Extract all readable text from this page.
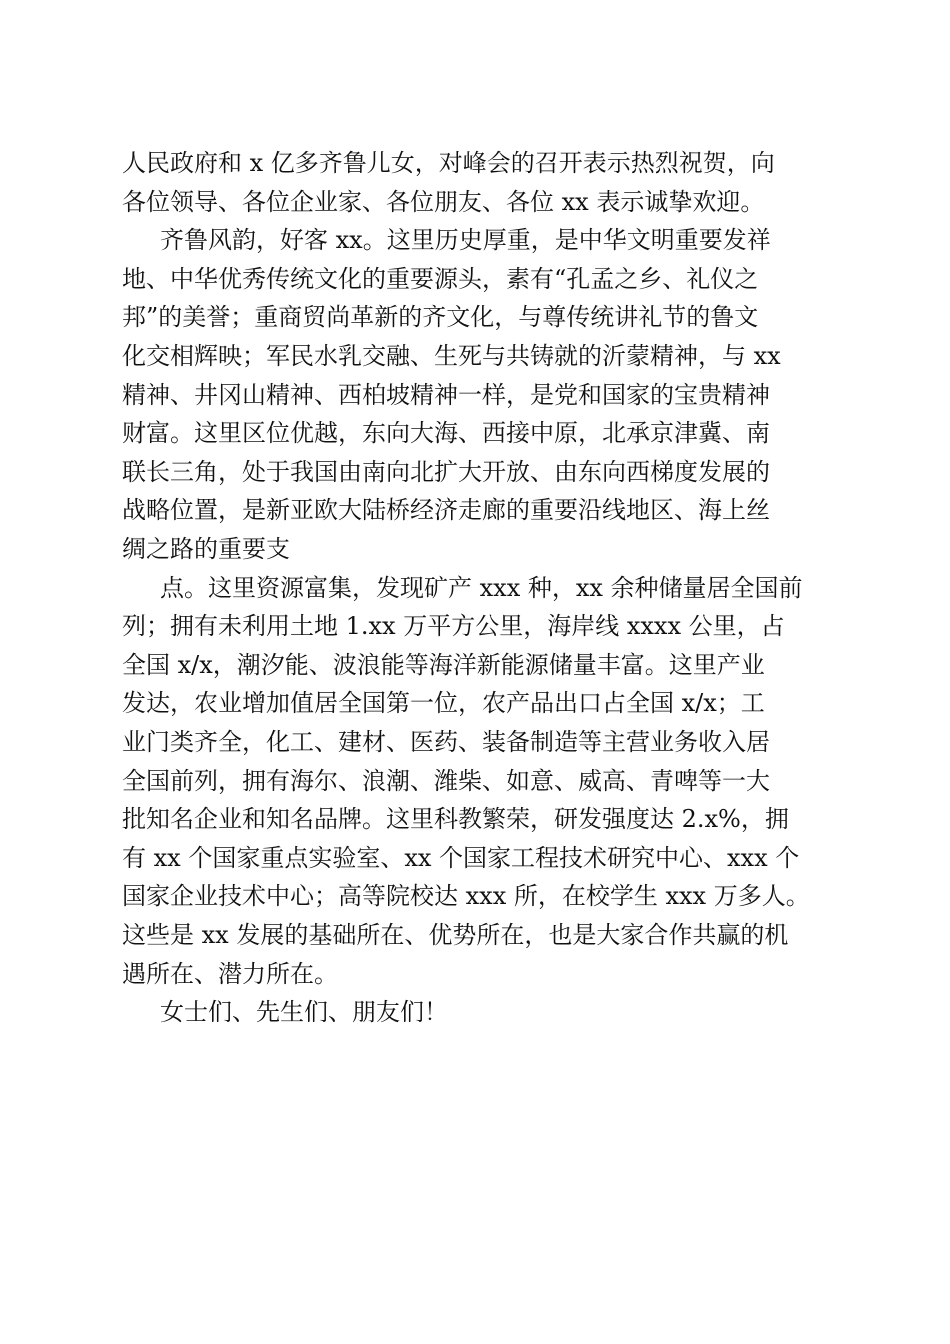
人民政府和 x 亿多齐鲁儿女，对峰会的召开表示热烈祝贺，向
各位领导、各位企业家、各位朋友、各位 xx 表示诚挚欢迎。
齐鲁风韵，好客 xx。这里历史厚重，是中华文明重要发祥
地、中华优秀传统文化的重要源头，素有“孔孟之乡、礼仪之
邦”的美誉；重商贸尚革新的齐文化，与尊传统讲礼节的鲁文
化交相辉映；军民水乳交融、生死与共铸就的沂蒙精神，与 xx
精神、井冈山精神、西柏坡精神一样，是党和国家的宝贵精神
财富。这里区位优越，东向大海、西接中原，北承京津冀、南
联长三角，处于我国由南向北扩大开放、由东向西梯度发展的
战略位置，是新亚欧大陆桥经济走廊的重要沿线地区、海上丝
绸之路的重要支
点。这里资源富集，发现矿产 xxx 种，xx 余种储量居全国前
列；拥有未利用土地 1.xx 万平方公里，海岸线 xxxx 公里，占
全国 x/x，潮汐能、波浪能等海洋新能源储量丰富。这里产业
发达，农业增加值居全国第一位，农产品出口占全国 x/x；工
业门类齐全，化工、建材、医药、装备制造等主营业务收入居
全国前列，拥有海尔、浪潮、潍柴、如意、威高、青啤等一大
批知名企业和知名品牌。这里科教繁荣，研发强度达 2.x%，拥
有 xx 个国家重点实验室、xx 个国家工程技术研究中心、xxx 个
国家企业技术中心；高等院校达 xxx 所，在校学生 xxx 万多人。
这些是 xx 发展的基础所在、优势所在，也是大家合作共赢的机
遇所在、潜力所在。
女士们、先生们、朋友们！
